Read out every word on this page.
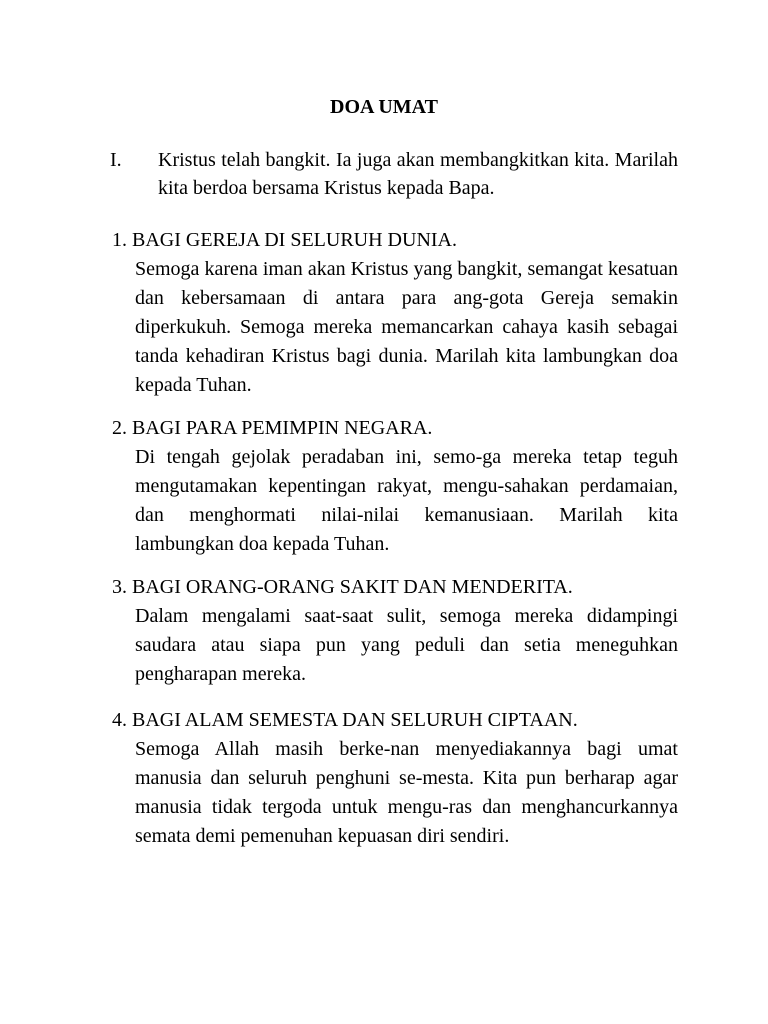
DOA UMAT
I. Kristus telah bangkit. Ia juga akan membangkitkan kita. Marilah kita berdoa bersama Kristus kepada Bapa.
1. BAGI GEREJA DI SELURUH DUNIA.
Semoga karena iman akan Kristus yang bangkit, semangat kesatuan dan kebersamaan di antara para ang-gota Gereja semakin diperkukuh. Semoga mereka memancarkan cahaya kasih sebagai tanda kehadiran Kristus bagi dunia. Marilah kita lambungkan doa kepada Tuhan.
2. BAGI PARA PEMIMPIN NEGARA.
Di tengah gejolak peradaban ini, semo-ga mereka tetap teguh mengutamakan kepentingan rakyat, mengu-sahakan perdamaian, dan menghormati nilai-nilai kemanusiaan. Marilah kita lambungkan doa kepada Tuhan.
3. BAGI ORANG-ORANG SAKIT DAN MENDERITA.
Dalam mengalami saat-saat sulit, semoga mereka didampingi saudara atau siapa pun yang peduli dan setia meneguhkan pengharapan mereka.
4. BAGI ALAM SEMESTA DAN SELURUH CIPTAAN.
Semoga Allah masih berke-nan menyediakannya bagi umat manusia dan seluruh penghuni se-mesta. Kita pun berharap agar manusia tidak tergoda untuk mengu-ras dan menghancurkannya semata demi pemenuhan kepuasan diri sendiri.
